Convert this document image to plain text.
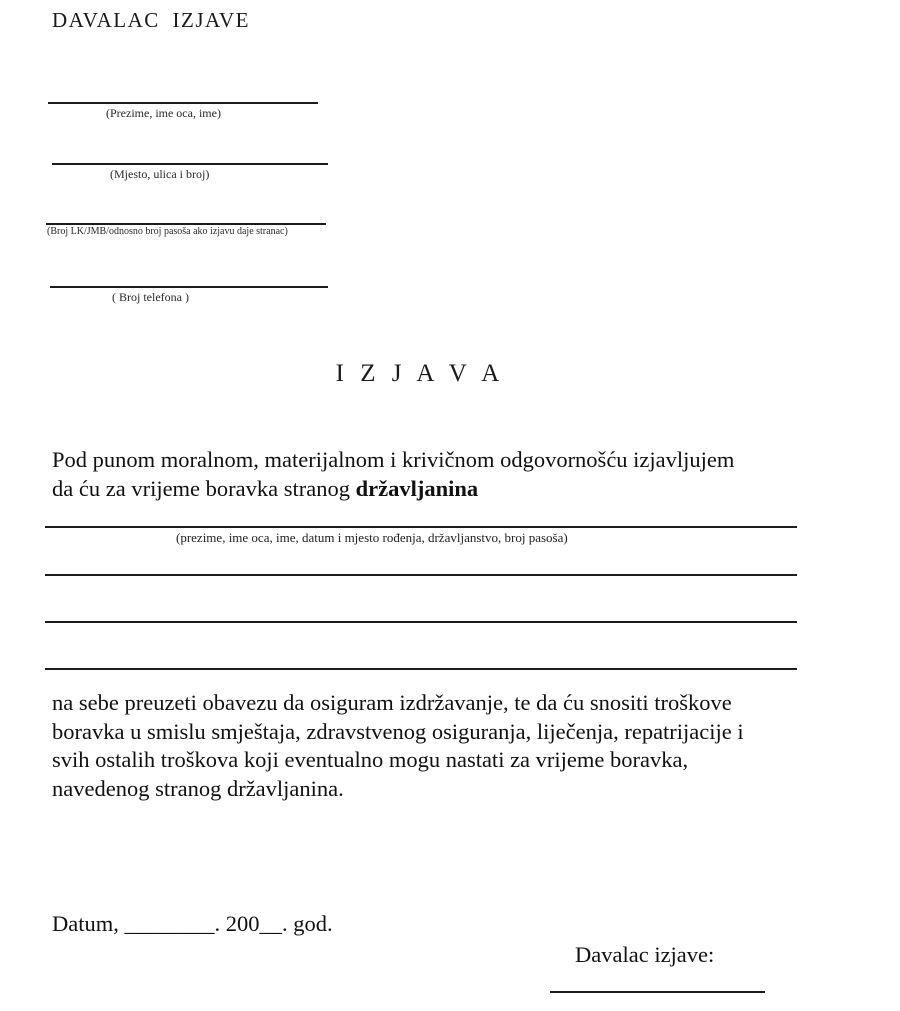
DAVALAC IZJAVE
(Prezime, ime oca, ime)
(Mjesto, ulica i broj)
(Broj LK/JMB/odnosno broj pasoša ako izjavu daje stranac)
( Broj telefona )
I Z J A V A
Pod punom moralnom, materijalnom i krivičnom odgovornošću izjavljujem
da ću za vrijeme boravka stranog državljanina
(prezime, ime oca, ime, datum i mjesto rođenja, državljanstvo, broj pasoša)
na sebe preuzeti obavezu da osiguram izdržavanje, te da ću snositi troškove
boravka u smislu smještaja, zdravstvenog osiguranja, liječenja, repatrijacije i
svih ostalih troškova koji eventualno mogu nastati za vrijeme boravka,
navedenog stranog državljanina.
Datum, ________. 200__. god.
Davalac izjave:
